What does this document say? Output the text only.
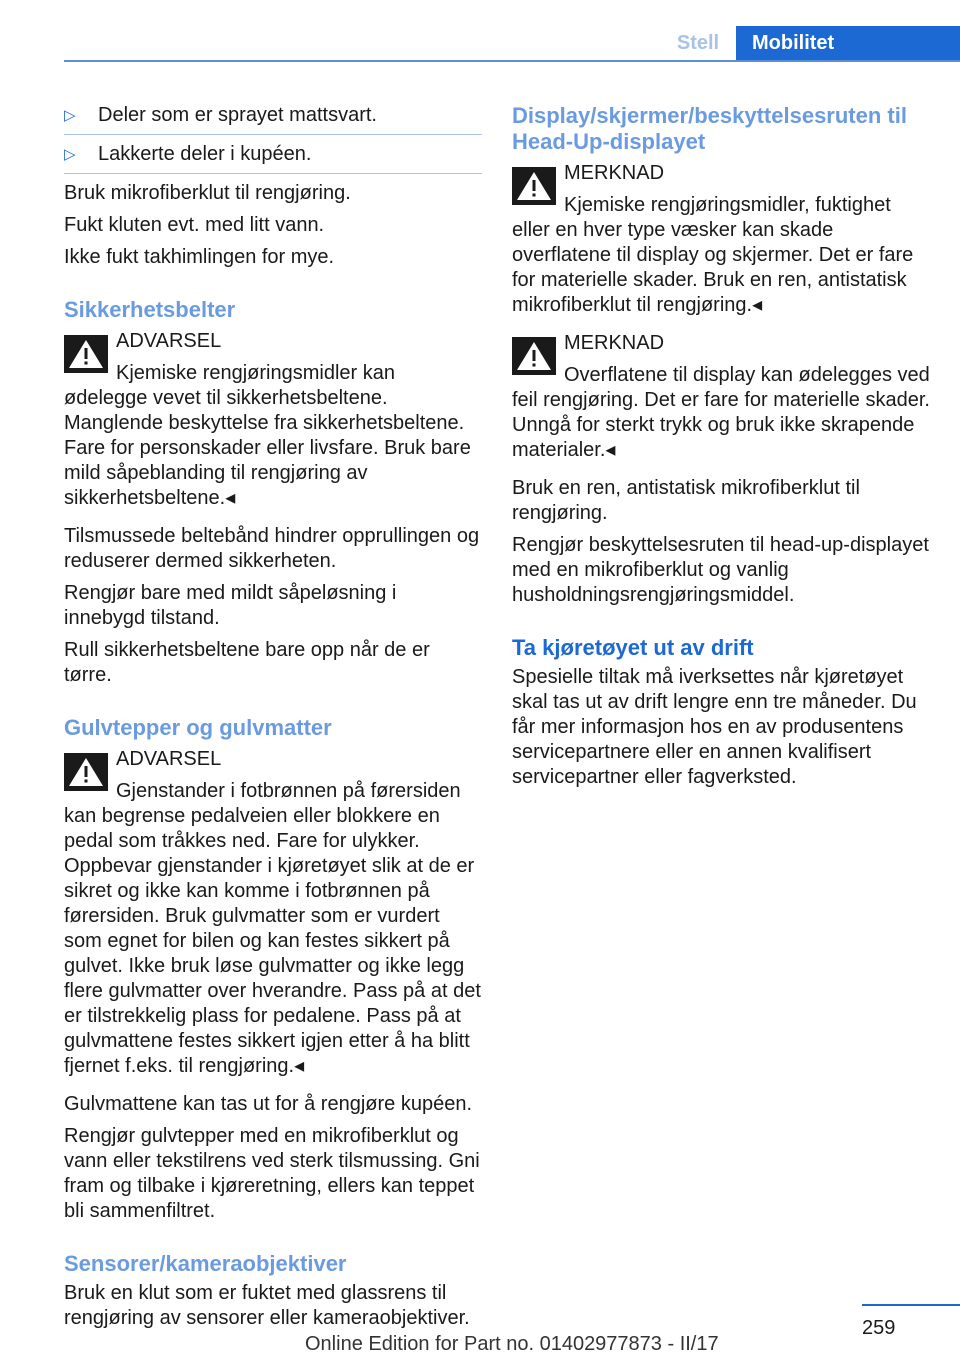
Stell	Mobilitet
▷	Deler som er sprayet mattsvart.
▷	Lakkerte deler i kupéen.

Bruk mikrofiberklut til rengjøring.

Fukt kluten evt. med litt vann.

Ikke fukt takhimlingen for mye.

Sikkerhetsbelter
ADVARSEL
Kjemiske rengjøringsmidler kan ødelegge vevet til sikkerhetsbeltene. Manglende beskyttelse fra sikkerhetsbeltene. Fare for personskader eller livsfare. Bruk bare mild såpeblanding til rengjøring av sikkerhetsbeltene.◂

Tilsmussede beltebånd hindrer opprullingen og reduserer dermed sikkerheten.

Rengjør bare med mildt såpeløsning i innebygd tilstand.

Rull sikkerhetsbeltene bare opp når de er tørre.

Gulvtepper og gulvmatter
ADVARSEL
Gjenstander i fotbrønnen på førersiden kan begrense pedalveien eller blokkere en pedal som tråkkes ned. Fare for ulykker. Oppbevar gjenstander i kjøretøyet slik at de er sikret og ikke kan komme i fotbrønnen på førersiden. Bruk gulvmatter som er vurdert som egnet for bilen og kan festes sikkert på gulvet. Ikke bruk løse gulvmatter og ikke legg flere gulvmatter over hverandre. Pass på at det er tilstrekkelig plass for pedalene. Pass på at gulvmattene festes sikkert igjen etter å ha blitt fjernet f.eks. til rengjøring.◂

Gulvmattene kan tas ut for å rengjøre kupéen.

Rengjør gulvtepper med en mikrofiberklut og vann eller tekstilrens ved sterk tilsmussing. Gni fram og tilbake i kjøreretning, ellers kan teppet bli sammenfiltret.

Sensorer/kameraobjektiver

Bruk en klut som er fuktet med glassrens til rengjøring av sensorer eller kameraobjektiver.

Display/skjermer/beskyttelsesruten til Head-Up-displayet
MERKNAD
Kjemiske rengjøringsmidler, fuktighet eller en hver type væsker kan skade overflatene til display og skjermer. Det er fare for materielle skader. Bruk en ren, antistatisk mikrofiberklut til rengjøring.◂
MERKNAD
Overflatene til display kan ødelegges ved feil rengjøring. Det er fare for materielle skader. Unngå for sterkt trykk og bruk ikke skrapende materialer.◂

Bruk en ren, antistatisk mikrofiberklut til rengjøring.

Rengjør beskyttelsesruten til head-up-displayet med en mikrofiberklut og vanlig husholdningsrengjøringsmiddel.

Ta kjøretøyet ut av drift

Spesielle tiltak må iverksettes når kjøretøyet skal tas ut av drift lengre enn tre måneder. Du får mer informasjon hos en av produsentens servicepartnere eller en annen kvalifisert servicepartner eller fagverksted.

259
Online Edition for Part no. 01402977873 - II/17
